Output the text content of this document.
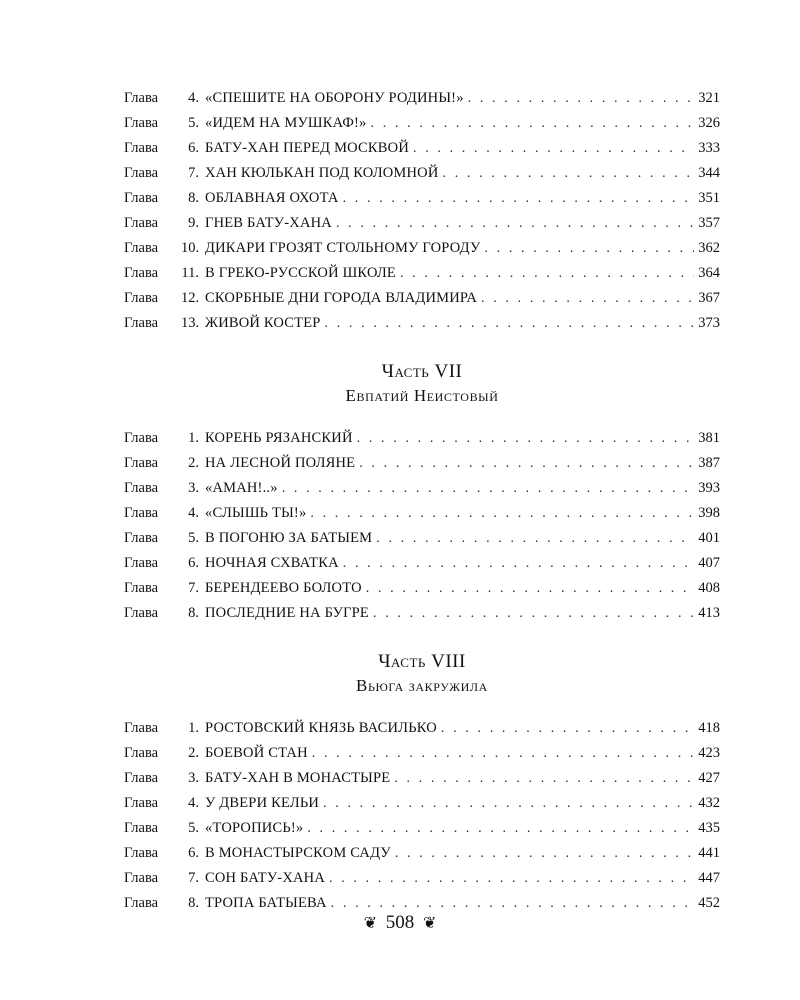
Глава	4. «СПЕШИТЕ НА ОБОРОНУ РОДИНЫ!» . . .	321
Глава	5. «ИДЕМ НА МУШКАФ!» . . .	326
Глава	6. БАТУ-ХАН ПЕРЕД МОСКВОЙ . . .	333
Глава	7. ХАН КЮЛЬКАН ПОД КОЛОМНОЙ . . .	344
Глава	8. ОБЛАВНАЯ ОХОТА . . .	351
Глава	9. ГНЕВ БАТУ-ХАНА . . .	357
Глава	10. ДИКАРИ ГРОЗЯТ СТОЛЬНОМУ ГОРОДУ . . .	362
Глава	11. В ГРЕКО-РУССКОЙ ШКОЛЕ . . .	364
Глава	12. СКОРБНЫЕ ДНИ ГОРОДА ВЛАДИМИРА . . .	367
Глава	13. ЖИВОЙ КОСТЕР . . .	373
Часть VII
Евпатий Неистовый
Глава	1. КОРЕНЬ РЯЗАНСКИЙ . . .	381
Глава	2. НА ЛЕСНОЙ ПОЛЯНЕ . . .	387
Глава	3. «АМАН!..» . . .	393
Глава	4. «СЛЫШЬ ТЫ!» . . .	398
Глава	5. В ПОГОНЮ ЗА БАТЫЕМ . . .	401
Глава	6. НОЧНАЯ СХВАТКА . . .	407
Глава	7. БЕРЕНДЕЕВО БОЛОТО . . .	408
Глава	8. ПОСЛЕДНИЕ НА БУГРЕ . . .	413
Часть VIII
Вьюга закружила
Глава	1. РОСТОВСКИЙ КНЯЗЬ ВАСИЛЬКО . . .	418
Глава	2. БОЕВОЙ СТАН . . .	423
Глава	3. БАТУ-ХАН В МОНАСТЫРЕ . . .	427
Глава	4. У ДВЕРИ КЕЛЬИ . . .	432
Глава	5. «ТОРОПИСЬ!» . . .	435
Глава	6. В МОНАСТЫРСКОМ САДУ . . .	441
Глава	7. СОН БАТУ-ХАНА . . .	447
Глава	8. ТРОПА БАТЫЕВА . . .	452
❦ 508 ❦
